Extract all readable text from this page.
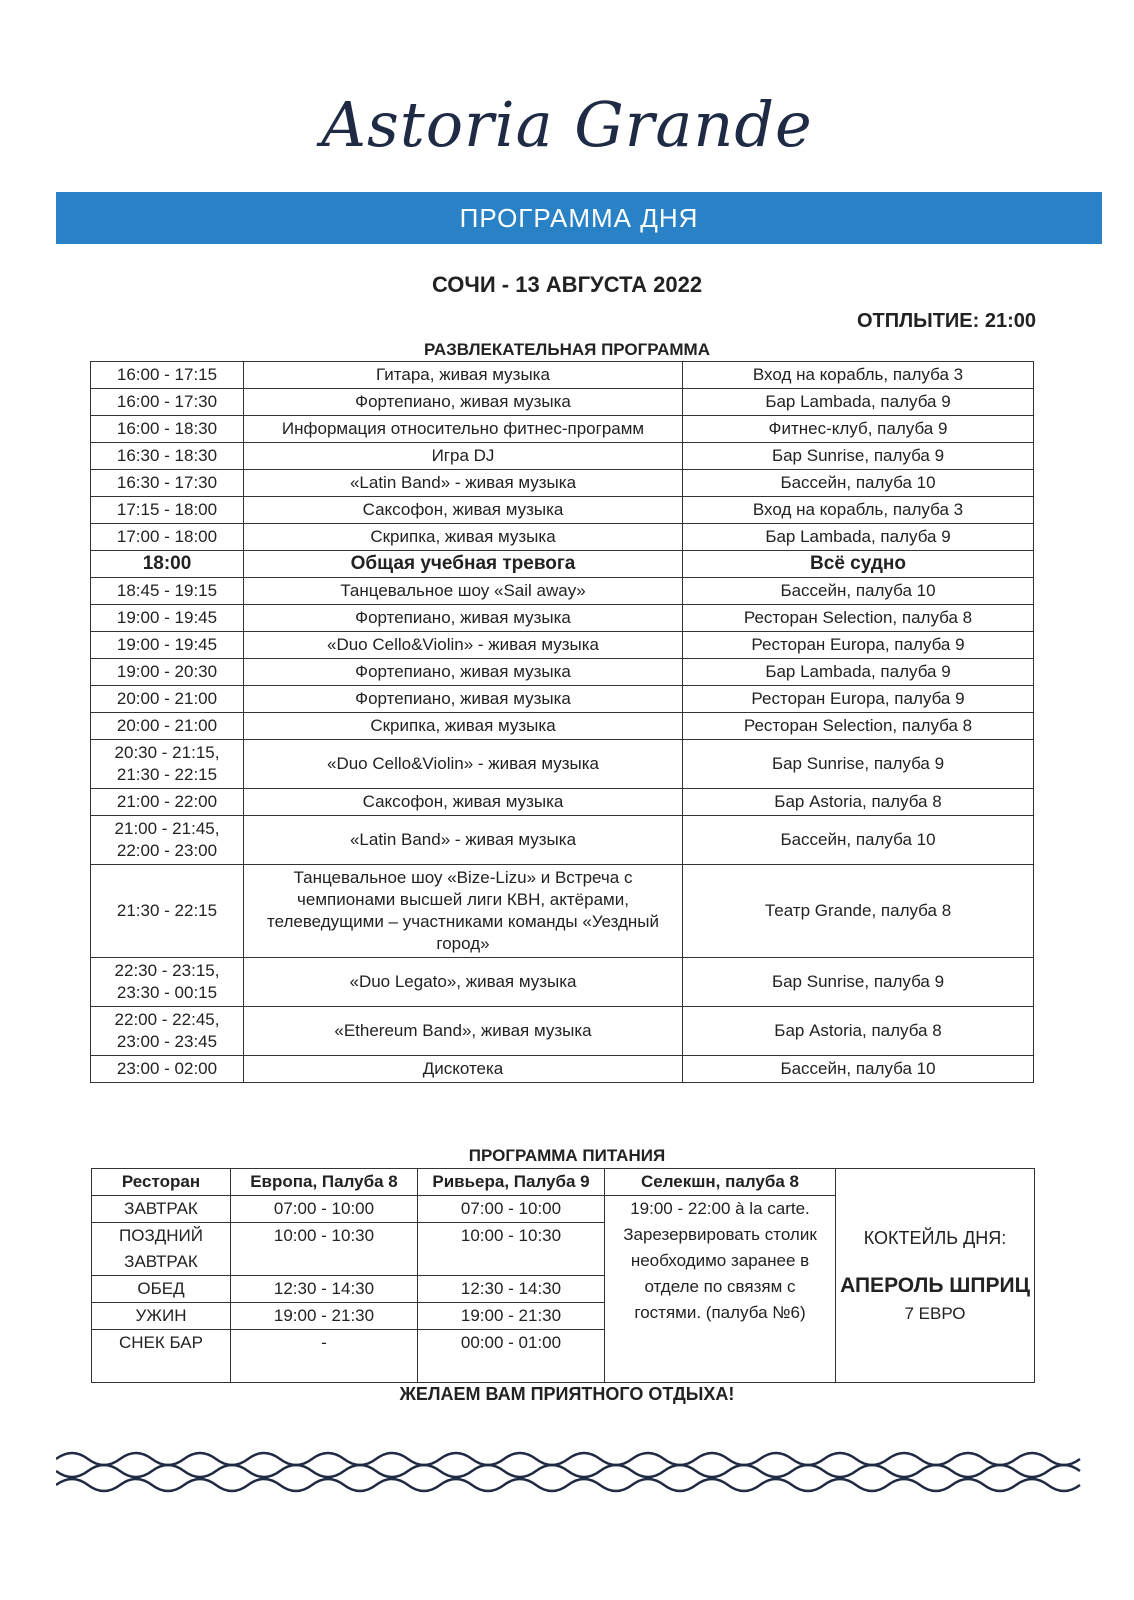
Astoria Grande
ПРОГРАММА ДНЯ
СОЧИ - 13 АВГУСТА 2022
ОТПЛЫТИЕ: 21:00
РАЗВЛЕКАТЕЛЬНАЯ ПРОГРАММА
16:00 - 17:15	Гитара, живая музыка	Вход на корабль, палуба 3
16:00 - 17:30	Фортепиано, живая музыка	Бар Lambada, палуба 9
16:00 - 18:30	Информация относительно фитнес-программ	Фитнес-клуб, палуба 9
16:30 - 18:30	Игра DJ	Бар Sunrise, палуба 9
16:30 - 17:30	«Latin Band» - живая музыка	Бассейн, палуба 10
17:15 - 18:00	Саксофон, живая музыка	Вход на корабль, палуба 3
17:00 - 18:00	Скрипка, живая музыка	Бар Lambada, палуба 9
18:00	Общая учебная тревога	Всё судно
18:45 - 19:15	Танцевальное шоу «Sail away»	Бассейн, палуба 10
19:00 - 19:45	Фортепиано, живая музыка	Ресторан Selection, палуба 8
19:00 - 19:45	«Duo Cello&Violin» - живая музыка	Ресторан Europa, палуба 9
19:00 - 20:30	Фортепиано, живая музыка	Бар Lambada, палуба 9
20:00 - 21:00	Фортепиано, живая музыка	Ресторан Europa, палуба 9
20:00 - 21:00	Скрипка, живая музыка	Ресторан Selection, палуба 8
20:30 - 21:15, 21:30 - 22:15	«Duo Cello&Violin» - живая музыка	Бар Sunrise, палуба 9
21:00 - 22:00	Саксофон, живая музыка	Бар Astoria, палуба 8
21:00 - 21:45, 22:00 - 23:00	«Latin Band» - живая музыка	Бассейн, палуба 10
21:30 - 22:15	Танцевальное шоу «Bize-Lizu» и Встреча с чемпионами высшей лиги КВН, актёрами, телеведущими – участниками команды «Уездный город»	Театр Grande, палуба 8
22:30 - 23:15, 23:30 - 00:15	«Duo Legato», живая музыка	Бар Sunrise, палуба 9
22:00 - 22:45, 23:00 - 23:45	«Ethereum Band», живая музыка	Бар Astoria, палуба 8
23:00 - 02:00	Дискотека	Бассейн, палуба 10
ПРОГРАММА ПИТАНИЯ
Ресторан	Европа, Палуба 8	Ривьера, Палуба 9	Селекшн, палуба 8	КОКТЕЙЛЬ ДНЯ:
АПЕРОЛЬ ШПРИЦ
7 ЕВРО

ЗАВТРАК	07:00 - 10:00	07:00 - 10:00	19:00 - 22:00 à la carte. Зарезервировать столик необходимо заранее в отделе по связям с гостями. (палуба №6)	
ПОЗДНИЙ ЗАВТРАК	10:00 - 10:30	10:00 - 10:30		
ОБЕД	12:30 - 14:30	12:30 - 14:30		
УЖИН	19:00 - 21:30	19:00 - 21:30		
СНЕК БАР	-	00:00 - 01:00		
ЖЕЛАЕМ ВАМ ПРИЯТНОГО ОТДЫХА!
